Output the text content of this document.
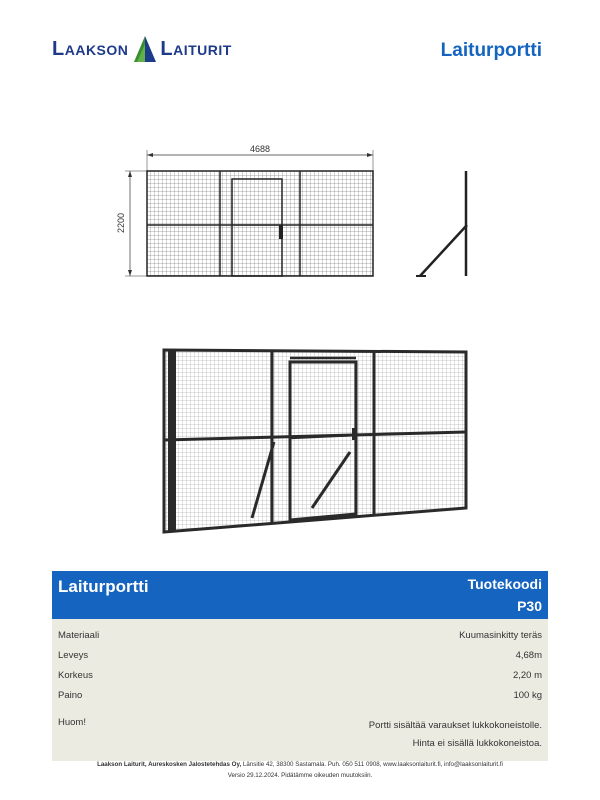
Laakson Laiturit	Laiturportti
4688
2200
Laiturportti	Tuotekoodi
P30
Materiaali	Kuumasinkitty teräs
Leveys	4,68m
Korkeus	2,20 m
Paino	100 kg
Huom!	Portti sisältää varaukset lukkokoneistolle.
Hinta ei sisällä lukkokoneistoa.
Laakson Laiturit, Aureskosken Jalostetehdas Oy, Länsitie 42, 38300 Sastamala. Puh. 050 511 0908, www.laaksonlaiturit.fi, info@laaksonlaiturit.fi
Versio 29.12.2024. Pidätämme oikeuden muutoksiin.
